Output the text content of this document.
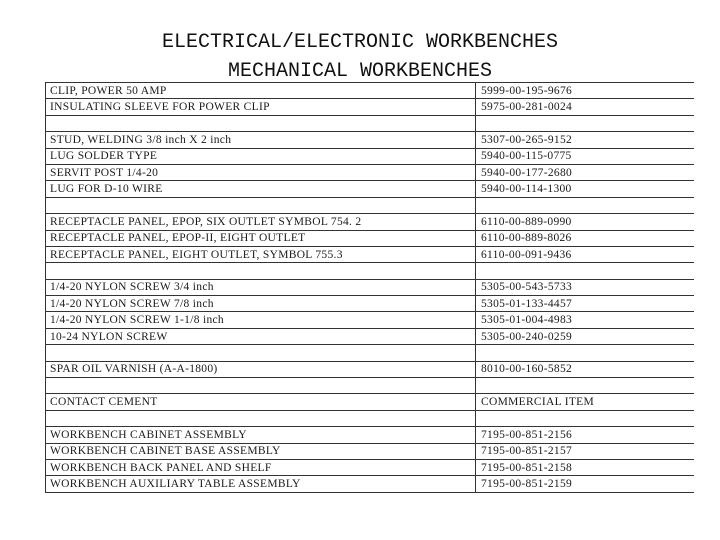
ELECTRICAL/ELECTRONIC WORKBENCHES
MECHANICAL WORKBENCHES
CLIP, POWER 50 AMP	5999-00-195-9676
INSULATING SLEEVE FOR POWER CLIP	5975-00-281-0024

STUD, WELDING 3/8 inch X 2 inch	5307-00-265-9152
LUG SOLDER TYPE	5940-00-115-0775
SERVIT POST 1/4-20	5940-00-177-2680
LUG FOR D-10 WIRE	5940-00-114-1300

RECEPTACLE PANEL, EPOP, SIX OUTLET SYMBOL 754. 2	6110-00-889-0990
RECEPTACLE PANEL, EPOP-II, EIGHT OUTLET	6110-00-889-8026
RECEPTACLE PANEL, EIGHT OUTLET, SYMBOL 755.3	6110-00-091-9436

1/4-20 NYLON SCREW 3/4 inch	5305-00-543-5733
1/4-20 NYLON SCREW 7/8 inch	5305-01-133-4457
1/4-20 NYLON SCREW 1-1/8 inch	5305-01-004-4983
10-24 NYLON SCREW	5305-00-240-0259

SPAR OIL VARNISH (A-A-1800)	8010-00-160-5852

CONTACT CEMENT	COMMERCIAL ITEM

WORKBENCH CABINET ASSEMBLY	7195-00-851-2156
WORKBENCH CABINET BASE ASSEMBLY	7195-00-851-2157
WORKBENCH BACK PANEL AND SHELF	7195-00-851-2158
WORKBENCH AUXILIARY TABLE ASSEMBLY	7195-00-851-2159
